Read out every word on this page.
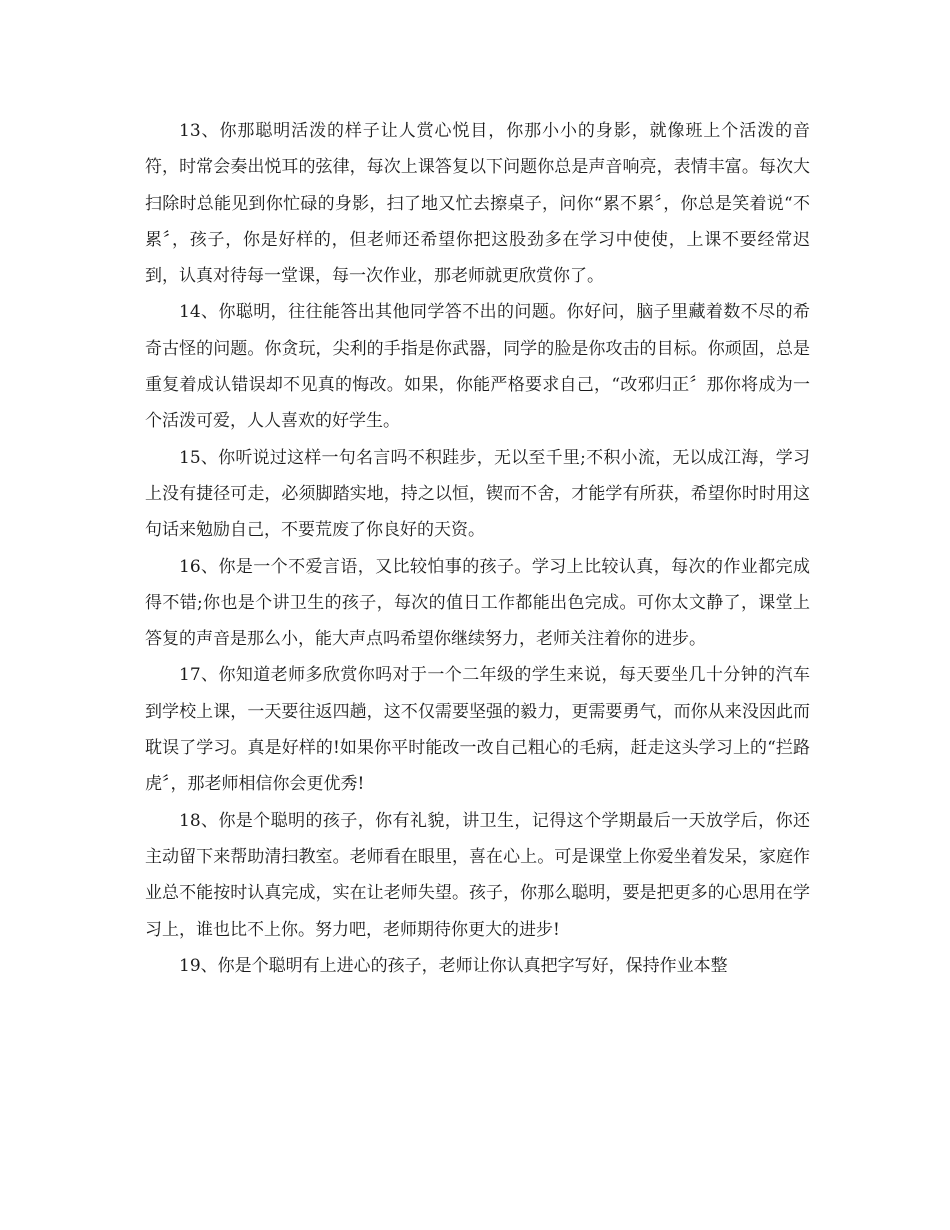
13、你那聪明活泼的样子让人赏心悦目，你那小小的身影，就像班上个活泼的音符，时常会奏出悦耳的弦律，每次上课答复以下问题你总是声音响亮，表情丰富。每次大扫除时总能见到你忙碌的身影，扫了地又忙去擦桌子，问你“累不累〞，你总是笑着说“不累〞，孩子，你是好样的，但老师还希望你把这股劲多在学习中使使，上课不要经常迟到，认真对待每一堂课，每一次作业，那老师就更欣赏你了。

14、你聪明，往往能答出其他同学答不出的问题。你好问，脑子里藏着数不尽的希奇古怪的问题。你贪玩，尖利的手指是你武器，同学的脸是你攻击的目标。你顽固，总是重复着成认错误却不见真的悔改。如果，你能严格要求自己，“改邪归正〞那你将成为一个活泼可爱，人人喜欢的好学生。

15、你听说过这样一句名言吗不积跬步，无以至千里;不积小流，无以成江海，学习上没有捷径可走，必须脚踏实地，持之以恒，锲而不舍，才能学有所获，希望你时时用这句话来勉励自己，不要荒废了你良好的天资。

16、你是一个不爱言语，又比较怕事的孩子。学习上比较认真，每次的作业都完成得不错;你也是个讲卫生的孩子，每次的值日工作都能出色完成。可你太文静了，课堂上答复的声音是那么小，能大声点吗希望你继续努力，老师关注着你的进步。

17、你知道老师多欣赏你吗对于一个二年级的学生来说，每天要坐几十分钟的汽车到学校上课，一天要往返四趟，这不仅需要坚强的毅力，更需要勇气，而你从来没因此而耽误了学习。真是好样的!如果你平时能改一改自己粗心的毛病，赶走这头学习上的“拦路虎〞，那老师相信你会更优秀!

18、你是个聪明的孩子，你有礼貌，讲卫生，记得这个学期最后一天放学后，你还主动留下来帮助清扫教室。老师看在眼里，喜在心上。可是课堂上你爱坐着发呆，家庭作业总不能按时认真完成，实在让老师失望。孩子，你那么聪明，要是把更多的心思用在学习上，谁也比不上你。努力吧，老师期待你更大的进步!

19、你是个聪明有上进心的孩子，老师让你认真把字写好，保持作业本整
